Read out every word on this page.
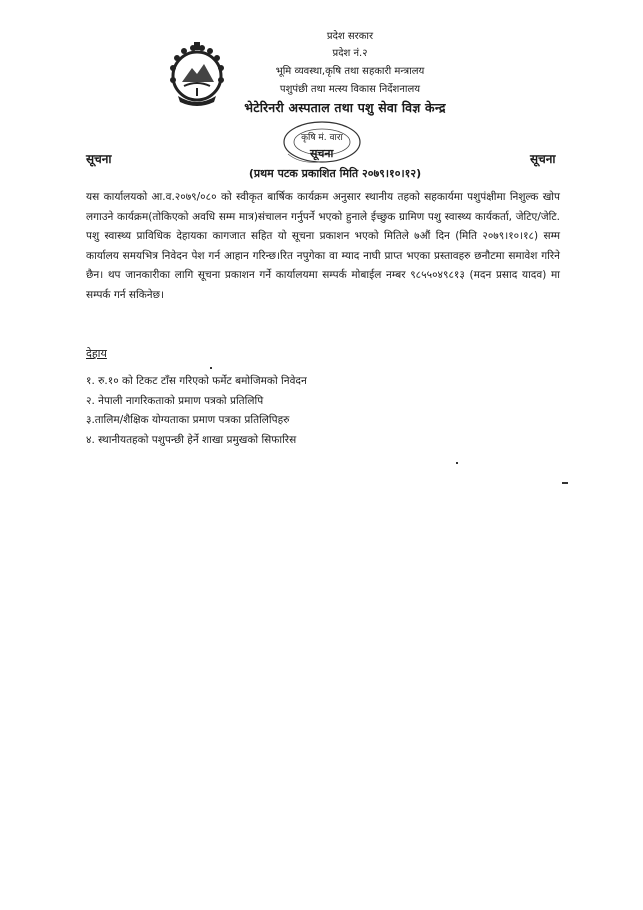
प्रदेश सरकार
प्रदेश नं.२
भूमि व्यवस्था,कृषि तथा सहकारी मन्त्रालय
पशुपंछी तथा मत्स्य विकास निर्देशनालय
भेटेरिनरी अस्पताल तथा पशु सेवा विज्ञ केन्द्र
कृषि मं. वारा
सूचना	सूचना	सूचना
(प्रथम पटक प्रकाशित मिति २०७९।१०।१२)

यस कार्यालयको आ.व.२०७९/०८० को स्वीकृत बार्षिक कार्यक्रम अनुसार स्थानीय तहको सहकार्यमा पशुपंक्षीमा निशुल्क खोप लगाउने कार्यक्रम(तोकिएको अवधि सम्म मात्र)संचालन गर्नुपर्ने भएको हुनाले ईच्छुक ग्रामिण पशु स्वास्थ्य कार्यकर्ता, जेटिए/जेटि. पशु स्वास्थ्य प्राविधिक देहायका कागजात सहित यो सूचना प्रकाशन भएको मितिले ७औं दिन (मिति २०७९।१०।१८) सम्म कार्यालय समयभित्र निवेदन पेश गर्न आहान गरिन्छ।रित नपुगेका वा म्याद नाघी प्राप्त भएका प्रस्तावहरु छनौटमा समावेश गरिने छैन। थप जानकारीका लागि सूचना प्रकाशन गर्ने कार्यालयमा सम्पर्क मोबाईल नम्बर ९८५५०४९८१३ (मदन प्रसाद यादव) मा सम्पर्क गर्न सकिनेछ।

देहाय
१. रु.१० को टिकट टाँस गरिएको फर्मेट बमोजिमको निवेदन
२. नेपाली नागरिकताको प्रमाण पत्रको प्रतिलिपि
३.तालिम/शैक्षिक योग्यताका प्रमाण पत्रका प्रतिलिपिहरु
४. स्थानीयतहको पशुपन्छी हेर्ने शाखा प्रमुखको सिफारिस
